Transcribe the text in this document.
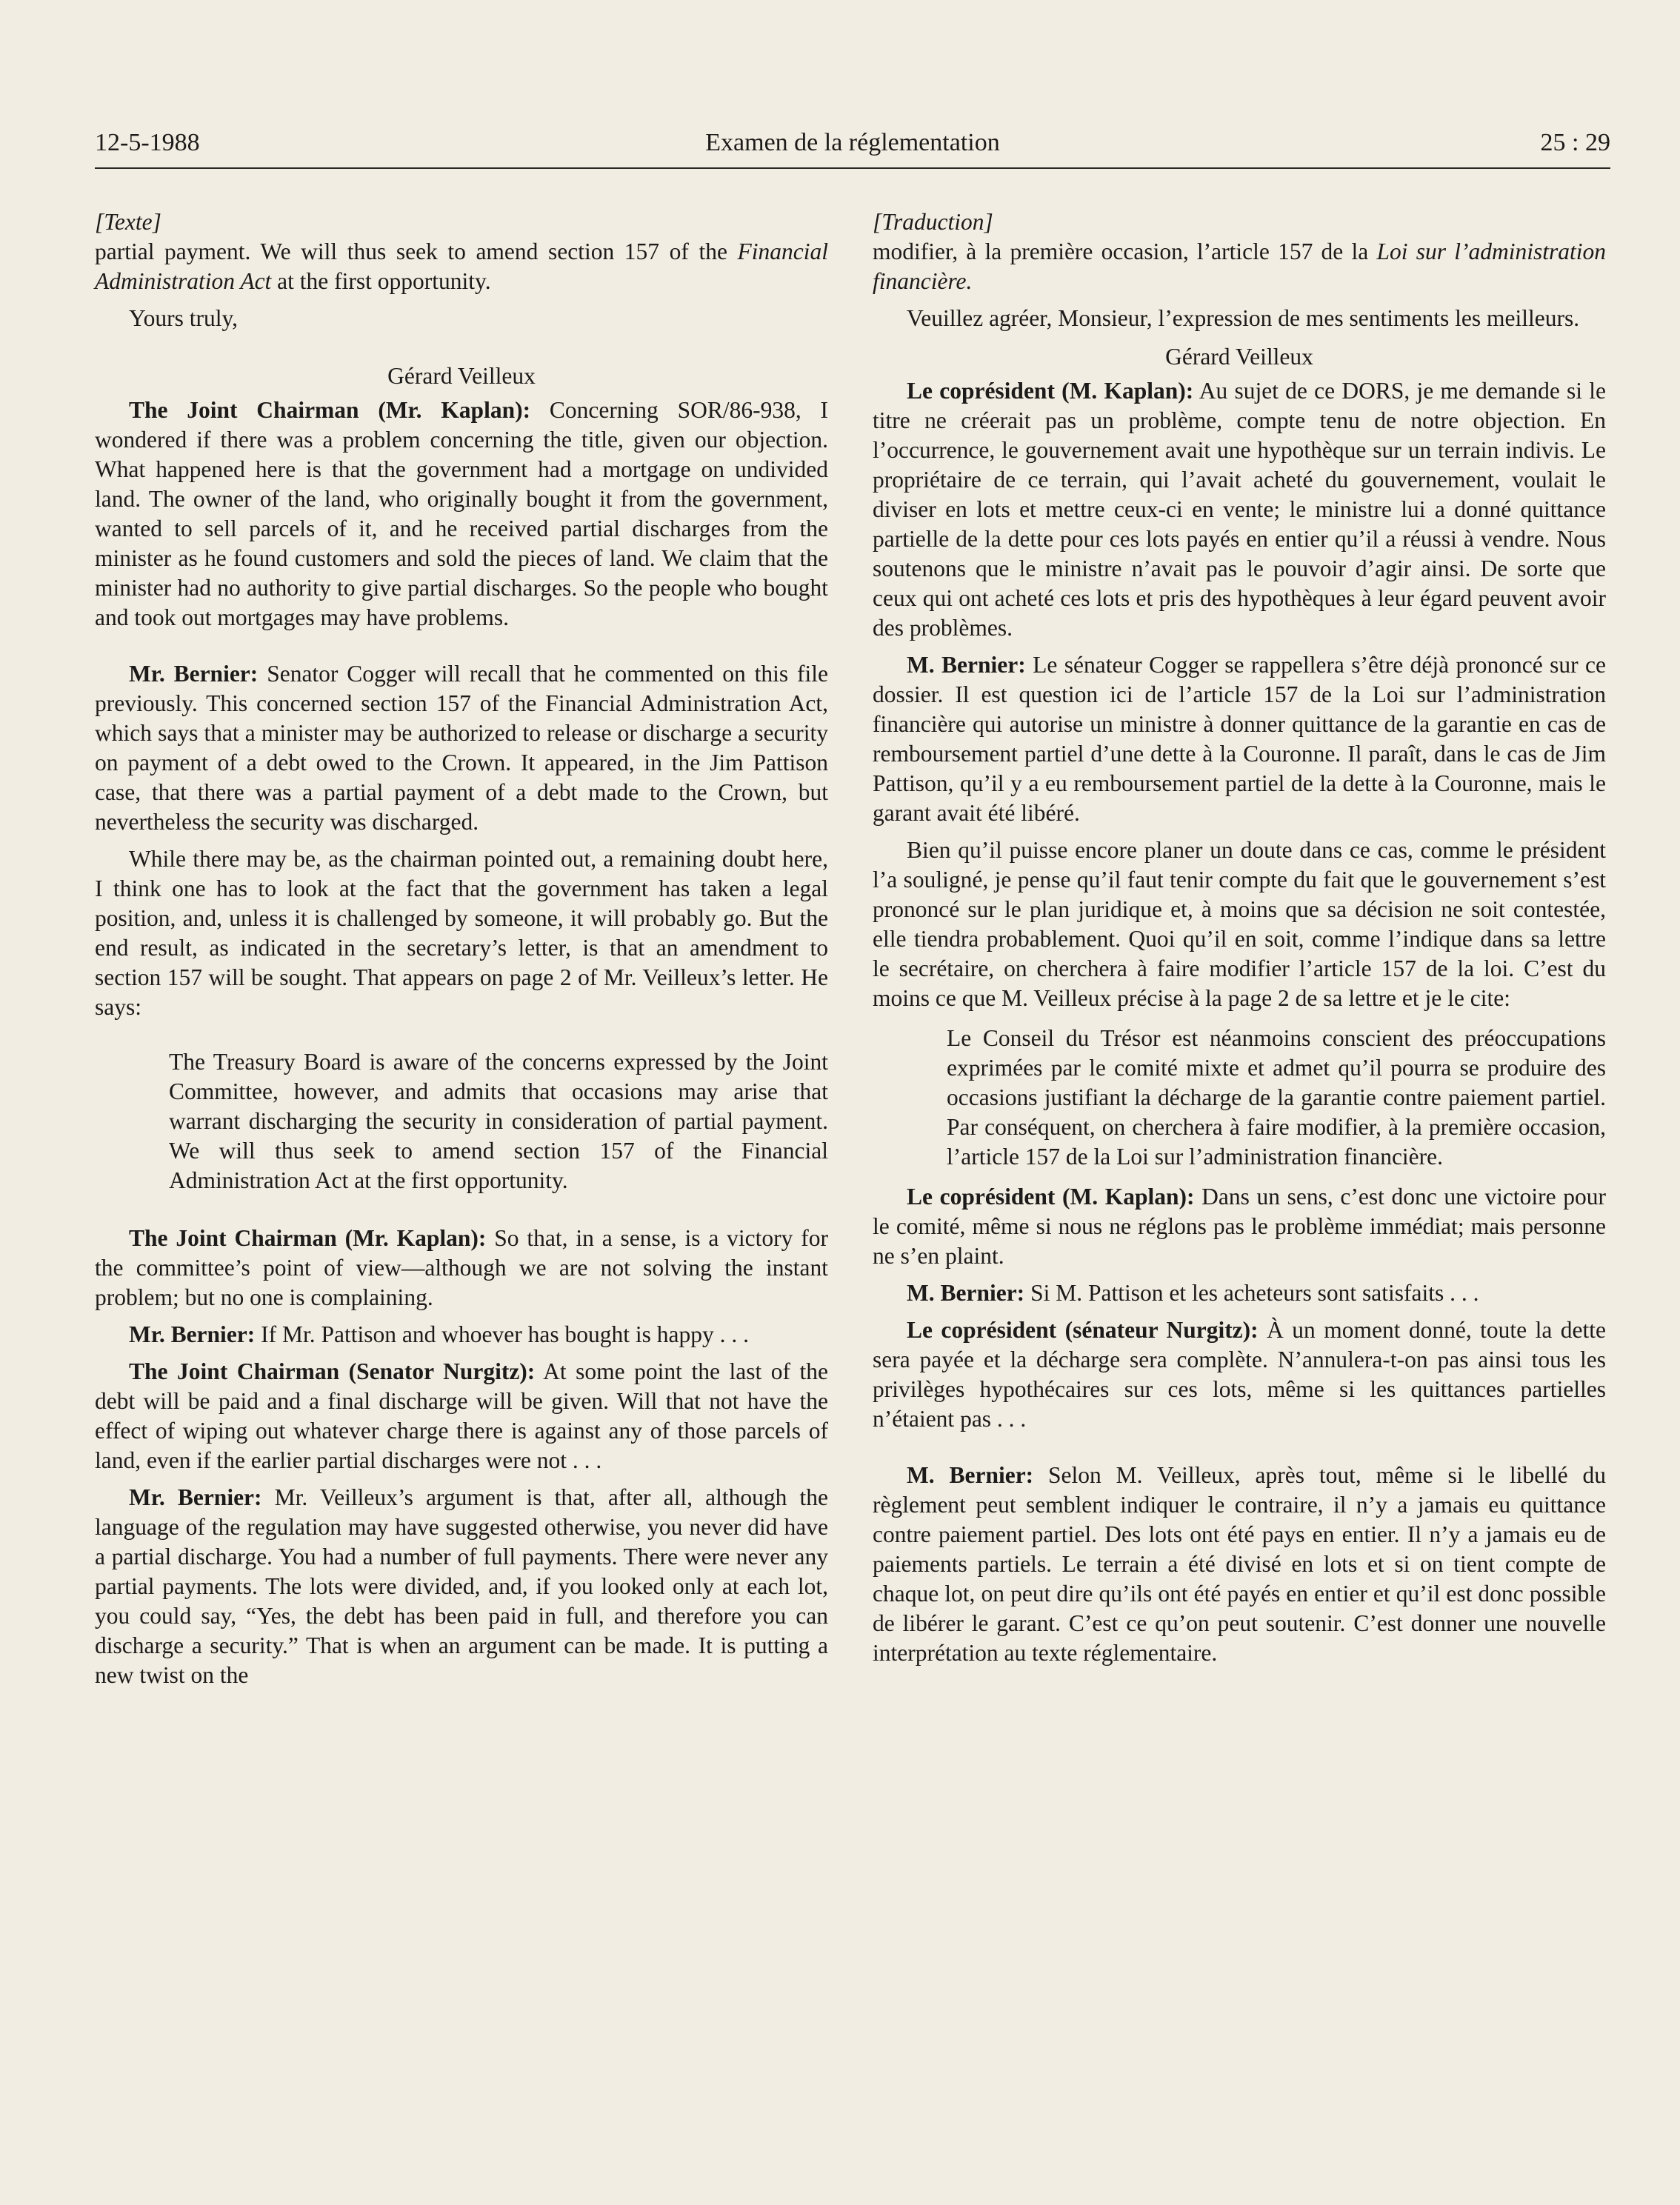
12-5-1988	Examen de la réglementation	25 : 29

[Texte]

partial payment. We will thus seek to amend section 157 of the Financial Administration Act at the first opportunity.

Yours truly,

Gérard Veilleux

The Joint Chairman (Mr. Kaplan): Concerning SOR/86-938, I wondered if there was a problem concerning the title, given our objection. What happened here is that the government had a mortgage on undivided land. The owner of the land, who originally bought it from the government, wanted to sell parcels of it, and he received partial discharges from the minister as he found customers and sold the pieces of land. We claim that the minister had no authority to give partial discharges. So the people who bought and took out mortgages may have problems.

Mr. Bernier: Senator Cogger will recall that he commented on this file previously. This concerned section 157 of the Financial Administration Act, which says that a minister may be authorized to release or discharge a security on payment of a debt owed to the Crown. It appeared, in the Jim Pattison case, that there was a partial payment of a debt made to the Crown, but nevertheless the security was discharged.

While there may be, as the chairman pointed out, a remaining doubt here, I think one has to look at the fact that the government has taken a legal position, and, unless it is challenged by someone, it will probably go. But the end result, as indicated in the secretary’s letter, is that an amendment to section 157 will be sought. That appears on page 2 of Mr. Veilleux’s letter. He says:

The Treasury Board is aware of the concerns expressed by the Joint Committee, however, and admits that occasions may arise that warrant discharging the security in consideration of partial payment. We will thus seek to amend section 157 of the Financial Administration Act at the first opportunity.

The Joint Chairman (Mr. Kaplan): So that, in a sense, is a victory for the committee’s point of view—although we are not solving the instant problem; but no one is complaining.

Mr. Bernier: If Mr. Pattison and whoever has bought is happy . . .

The Joint Chairman (Senator Nurgitz): At some point the last of the debt will be paid and a final discharge will be given. Will that not have the effect of wiping out whatever charge there is against any of those parcels of land, even if the earlier partial discharges were not . . .

Mr. Bernier: Mr. Veilleux’s argument is that, after all, although the language of the regulation may have suggested otherwise, you never did have a partial discharge. You had a number of full payments. There were never any partial payments. The lots were divided, and, if you looked only at each lot, you could say, “Yes, the debt has been paid in full, and therefore you can discharge a security.” That is when an argument can be made. It is putting a new twist on the

[Traduction]

modifier, à la première occasion, l’article 157 de la Loi sur l’administration financière.

Veuillez agréer, Monsieur, l’expression de mes sentiments les meilleurs.

Gérard Veilleux

Le coprésident (M. Kaplan): Au sujet de ce DORS, je me demande si le titre ne créerait pas un problème, compte tenu de notre objection. En l’occurrence, le gouvernement avait une hypothèque sur un terrain indivis. Le propriétaire de ce terrain, qui l’avait acheté du gouvernement, voulait le diviser en lots et mettre ceux-ci en vente; le ministre lui a donné quittance partielle de la dette pour ces lots payés en entier qu’il a réussi à vendre. Nous soutenons que le ministre n’avait pas le pouvoir d’agir ainsi. De sorte que ceux qui ont acheté ces lots et pris des hypothèques à leur égard peuvent avoir des problèmes.

M. Bernier: Le sénateur Cogger se rappellera s’être déjà prononcé sur ce dossier. Il est question ici de l’article 157 de la Loi sur l’administration financière qui autorise un ministre à donner quittance de la garantie en cas de remboursement partiel d’une dette à la Couronne. Il paraît, dans le cas de Jim Pattison, qu’il y a eu remboursement partiel de la dette à la Couronne, mais le garant avait été libéré.

Bien qu’il puisse encore planer un doute dans ce cas, comme le président l’a souligné, je pense qu’il faut tenir compte du fait que le gouvernement s’est prononcé sur le plan juridique et, à moins que sa décision ne soit contestée, elle tiendra probablement. Quoi qu’il en soit, comme l’indique dans sa lettre le secrétaire, on cherchera à faire modifier l’article 157 de la loi. C’est du moins ce que M. Veilleux précise à la page 2 de sa lettre et je le cite:

Le Conseil du Trésor est néanmoins conscient des préoccupations exprimées par le comité mixte et admet qu’il pourra se produire des occasions justifiant la décharge de la garantie contre paiement partiel. Par conséquent, on cherchera à faire modifier, à la première occasion, l’article 157 de la Loi sur l’administration financière.

Le coprésident (M. Kaplan): Dans un sens, c’est donc une victoire pour le comité, même si nous ne réglons pas le problème immédiat; mais personne ne s’en plaint.

M. Bernier: Si M. Pattison et les acheteurs sont satisfaits . . .

Le coprésident (sénateur Nurgitz): À un moment donné, toute la dette sera payée et la décharge sera complète. N’annulera-t-on pas ainsi tous les privilèges hypothécaires sur ces lots, même si les quittances partielles n’étaient pas . . .

M. Bernier: Selon M. Veilleux, après tout, même si le libellé du règlement peut semblent indiquer le contraire, il n’y a jamais eu quittance contre paiement partiel. Des lots ont été pays en entier. Il n’y a jamais eu de paiements partiels. Le terrain a été divisé en lots et si on tient compte de chaque lot, on peut dire qu’ils ont été payés en entier et qu’il est donc possible de libérer le garant. C’est ce qu’on peut soutenir. C’est donner une nouvelle interprétation au texte réglementaire.
